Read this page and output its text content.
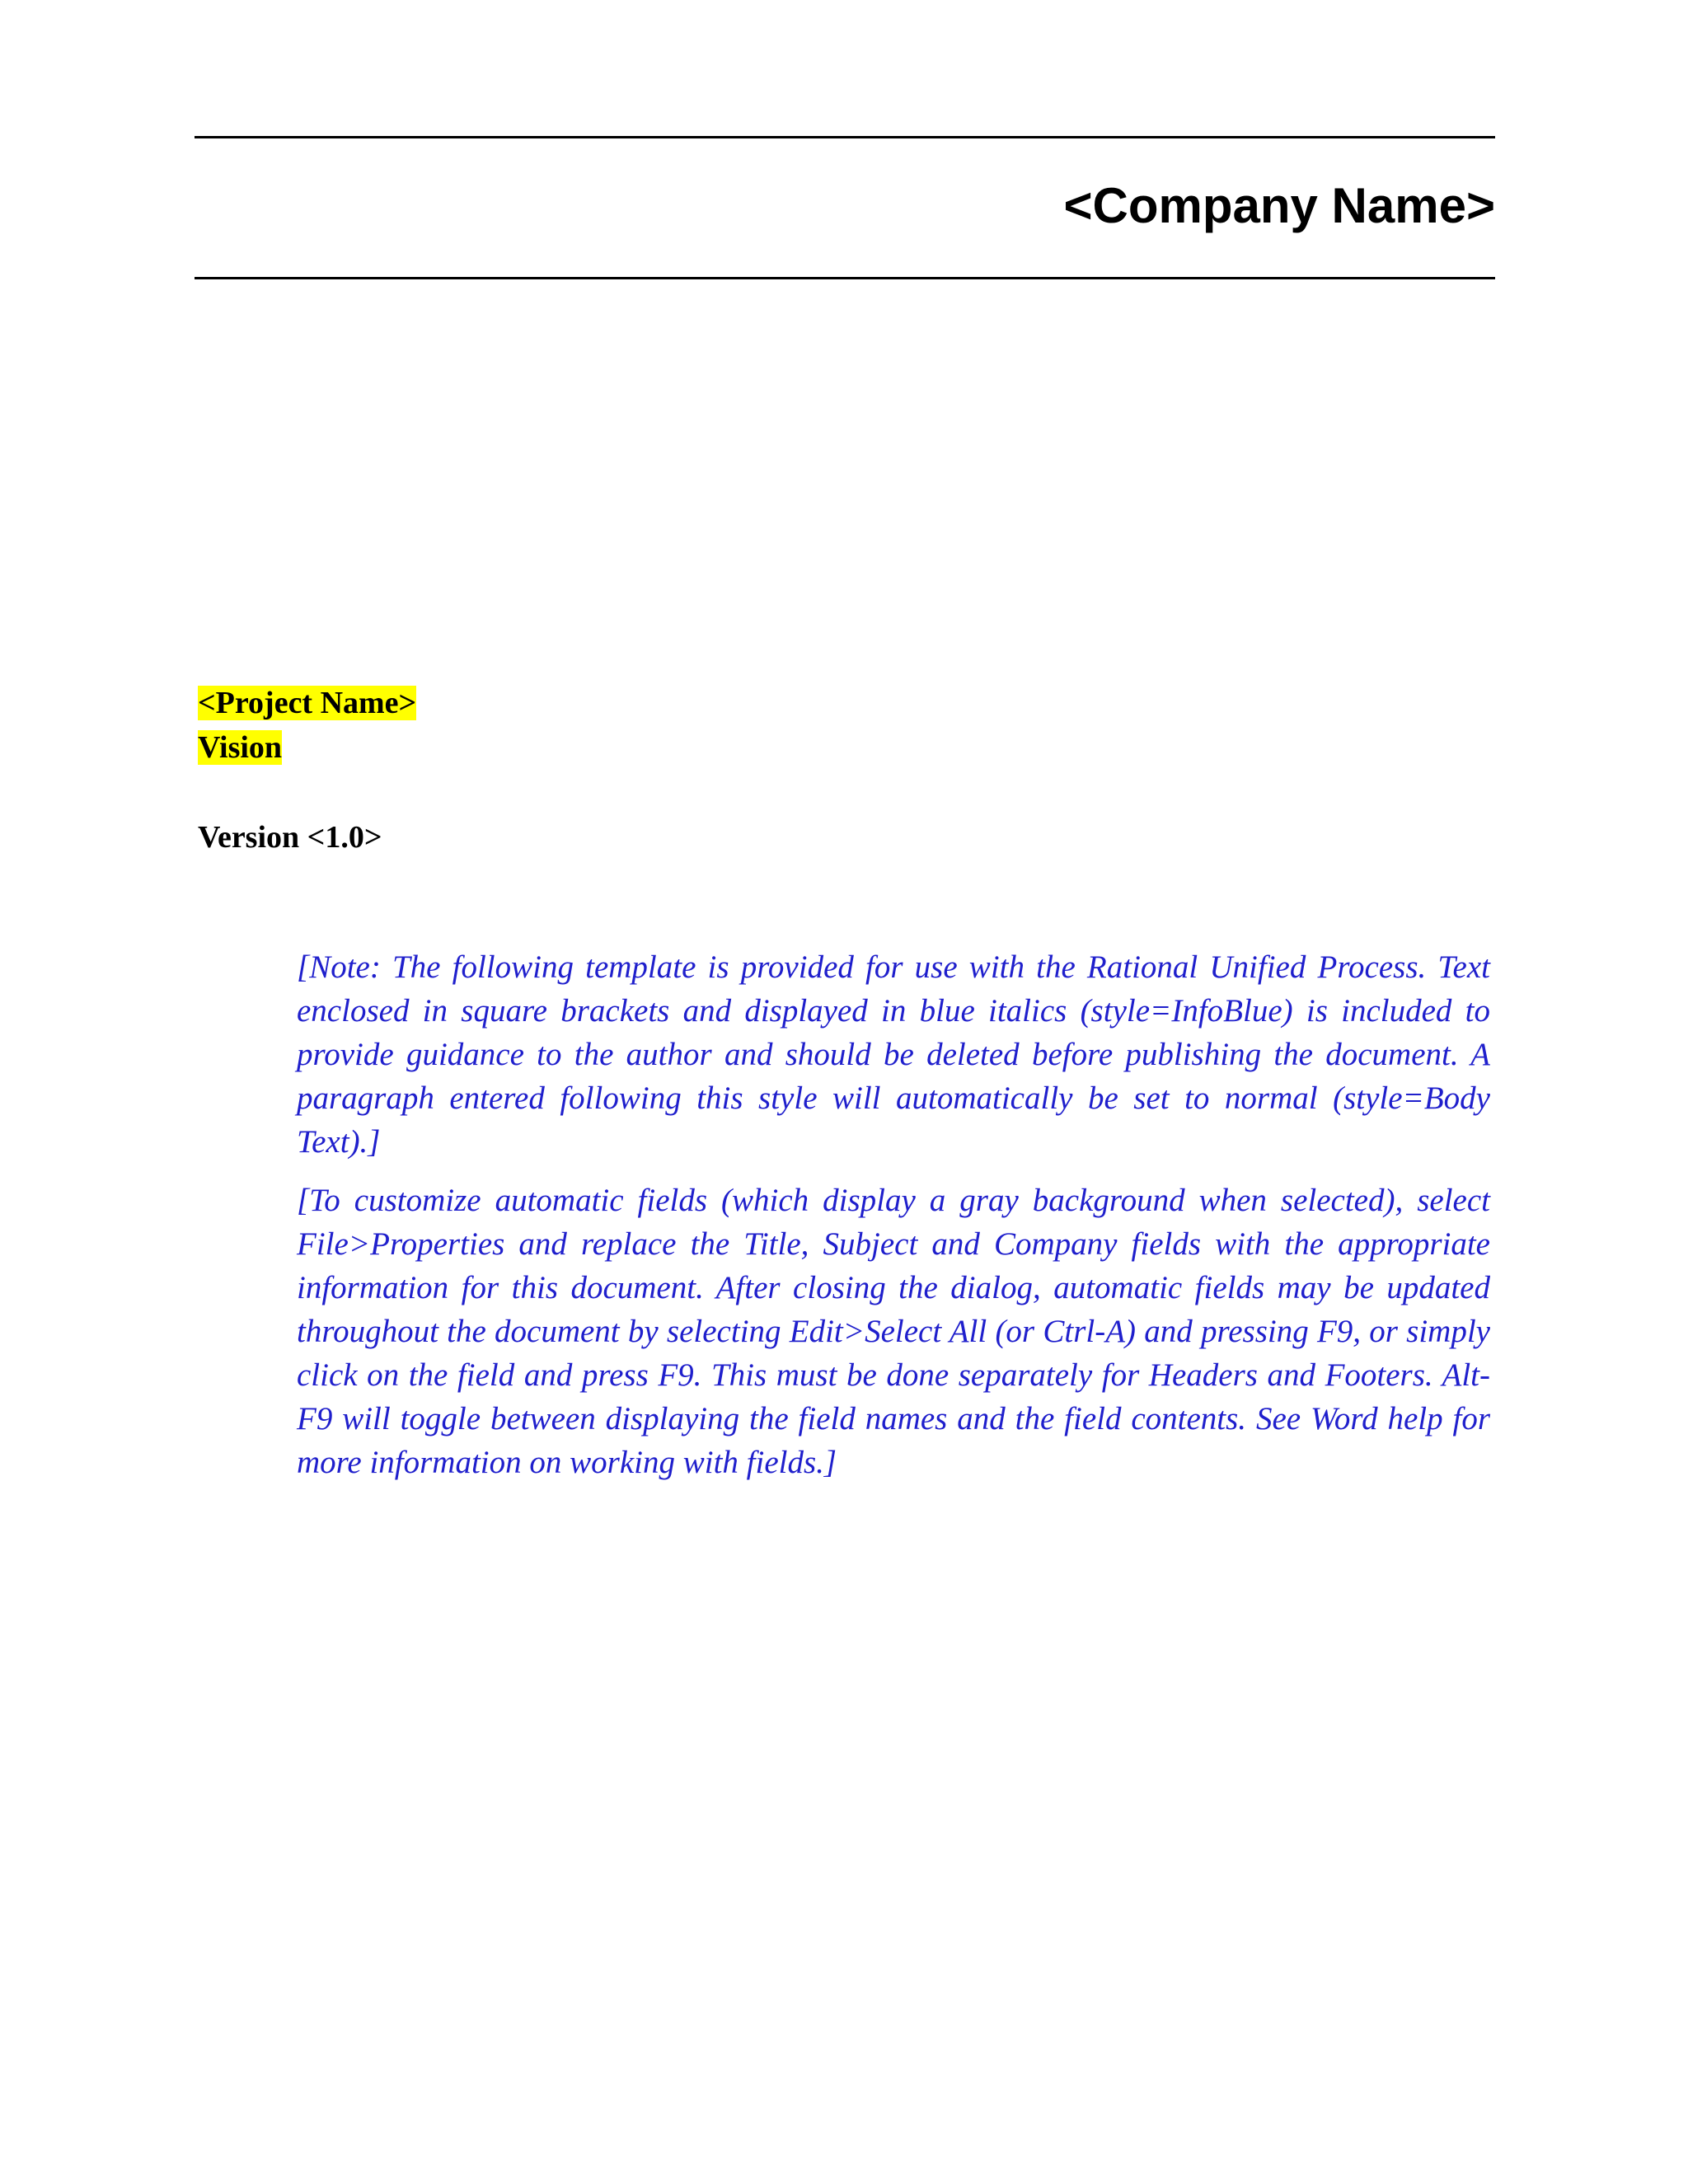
<Company Name>
<Project Name>
Vision
Version <1.0>

[Note: The following template is provided for use with the Rational Unified Process. Text enclosed in square brackets and displayed in blue italics (style=InfoBlue) is included to provide guidance to the author and should be deleted before publishing the document. A paragraph entered following this style will automatically be set to normal (style=Body Text).]

[To customize automatic fields (which display a gray background when selected), select File>Properties and replace the Title, Subject and Company fields with the appropriate information for this document. After closing the dialog, automatic fields may be updated throughout the document by selecting Edit>Select All (or Ctrl-A) and pressing F9, or simply click on the field and press F9. This must be done separately for Headers and Footers. Alt-F9 will toggle between displaying the field names and the field contents. See Word help for more information on working with fields.]
